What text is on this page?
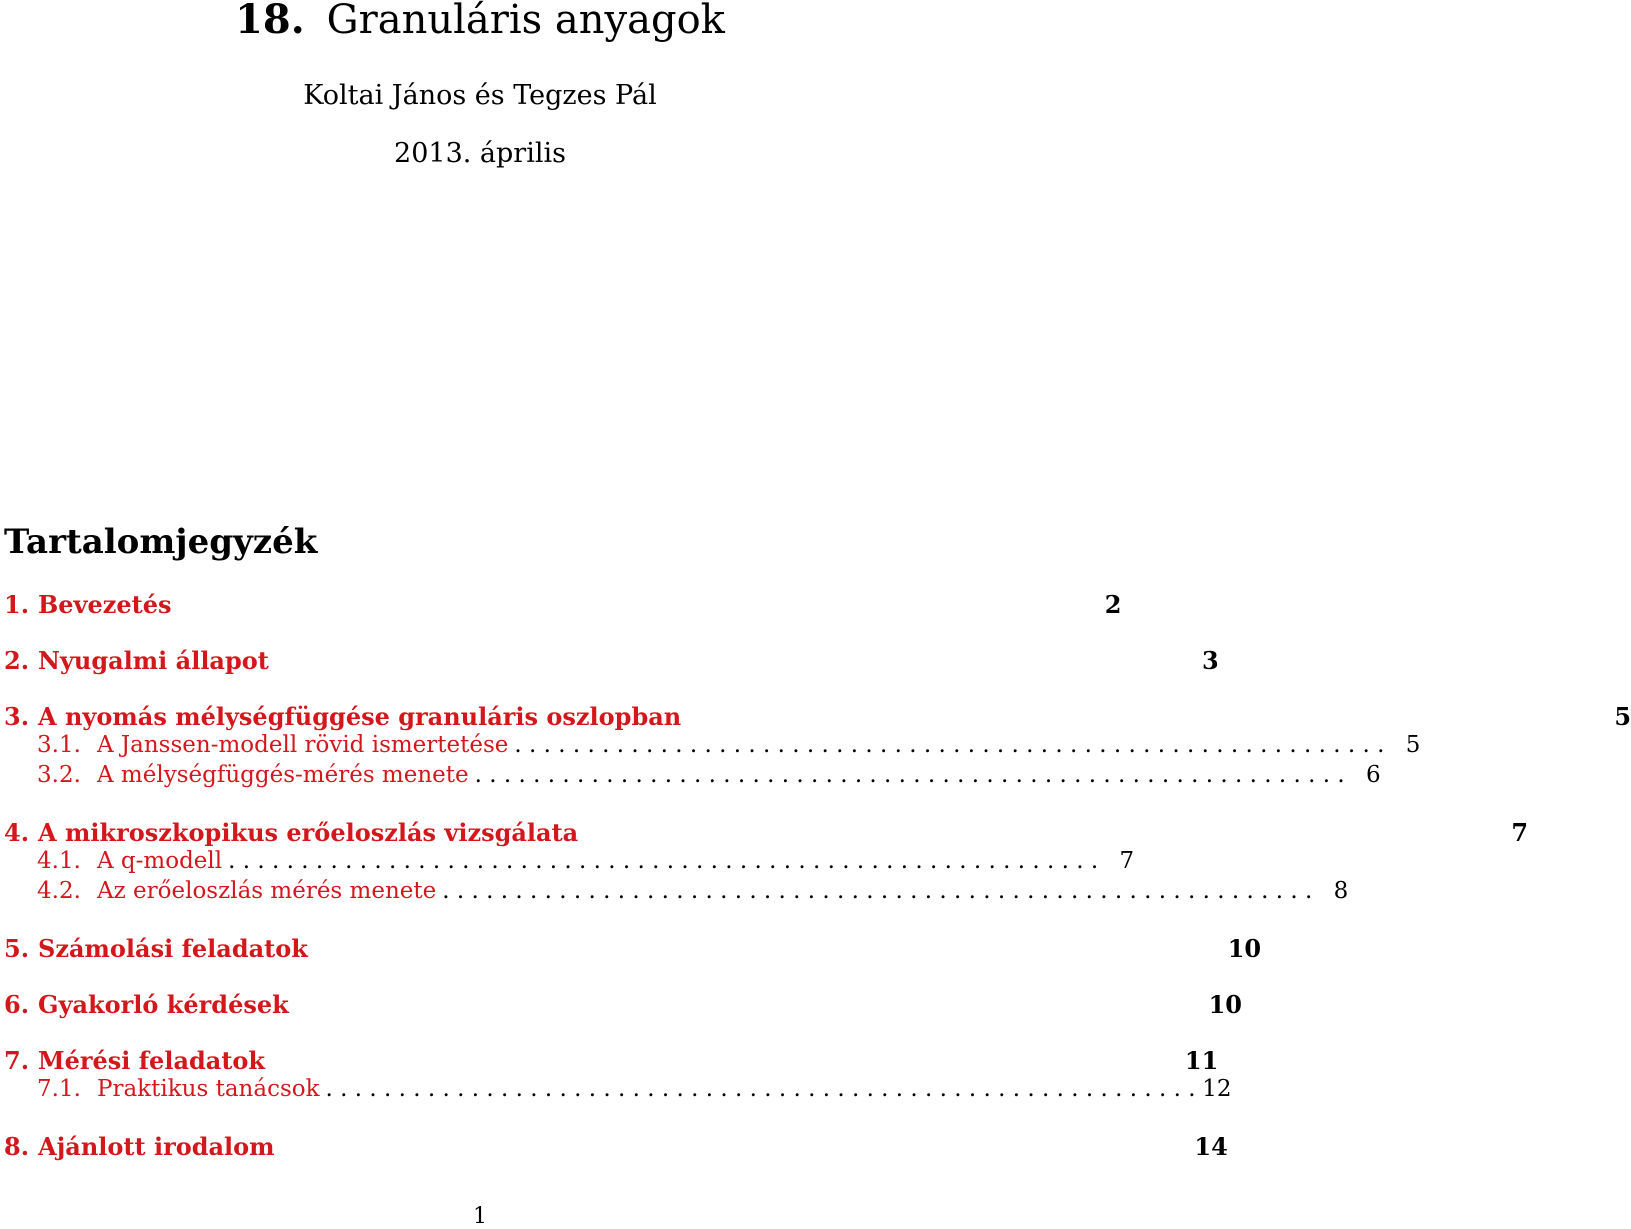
18. Granuláris anyagok
Koltai János és Tegzes Pál
2013. április
Tartalomjegyzék
1. Bevezetés	2
2. Nyugalmi állapot	3
3. A nyomás mélységfüggése granuláris oszlopban	5
3.1. A Janssen-modell rövid ismertetése . . . . . . . . . . . . . . . . . . . . . . . . . . . . . . . . . . . . . . . . . . . . . . . . . . . . . . . . . . . . 5
3.2. A mélységfüggés-mérés menete . . . . . . . . . . . . . . . . . . . . . . . . . . . . . . . . . . . . . . . . . . . . . . . . . . . . . . . . . . . . 6
4. A mikroszkopikus erőeloszlás vizsgálata	7
4.1. A q-modell . . . . . . . . . . . . . . . . . . . . . . . . . . . . . . . . . . . . . . . . . . . . . . . . . . . . . . . . . . . . 7
4.2. Az erőeloszlás mérés menete . . . . . . . . . . . . . . . . . . . . . . . . . . . . . . . . . . . . . . . . . . . . . . . . . . . . . . . . . . . . 8
5. Számolási feladatok	10
6. Gyakorló kérdések	10
7. Mérési feladatok	11
7.1. Praktikus tanácsok . . . . . . . . . . . . . . . . . . . . . . . . . . . . . . . . . . . . . . . . . . . . . . . . . . . . . . . . . . . . 12
8. Ajánlott irodalom	14
1
